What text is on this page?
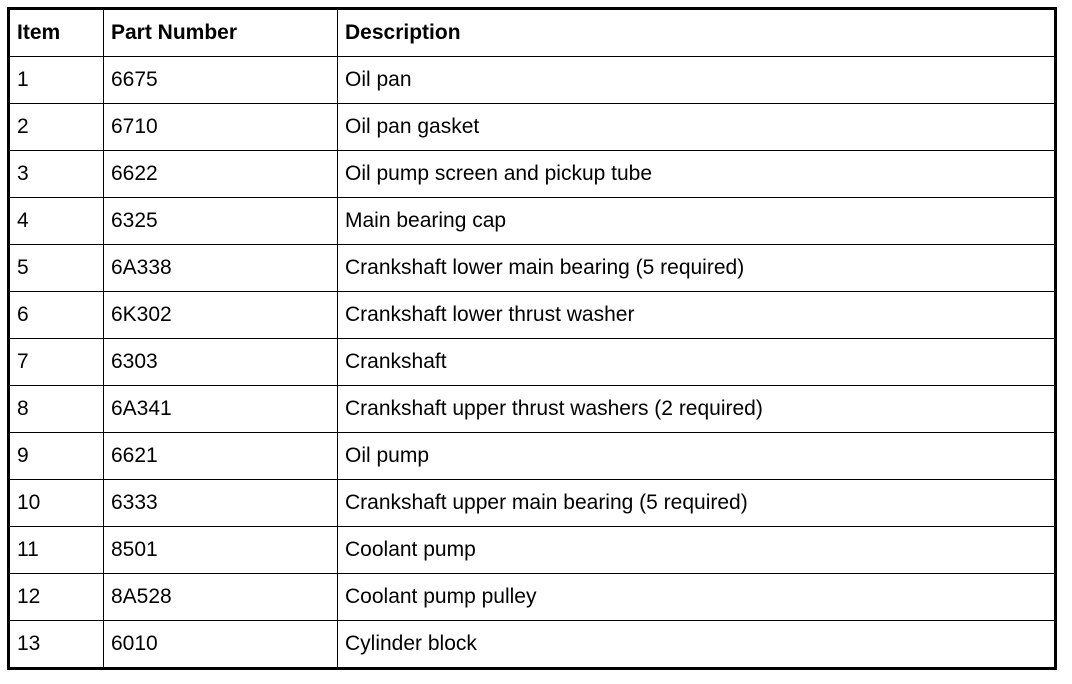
Item	Part Number	Description
1	6675	Oil pan
2	6710	Oil pan gasket
3	6622	Oil pump screen and pickup tube
4	6325	Main bearing cap
5	6A338	Crankshaft lower main bearing (5 required)
6	6K302	Crankshaft lower thrust washer
7	6303	Crankshaft
8	6A341	Crankshaft upper thrust washers (2 required)
9	6621	Oil pump
10	6333	Crankshaft upper main bearing (5 required)
11	8501	Coolant pump
12	8A528	Coolant pump pulley
13	6010	Cylinder block
